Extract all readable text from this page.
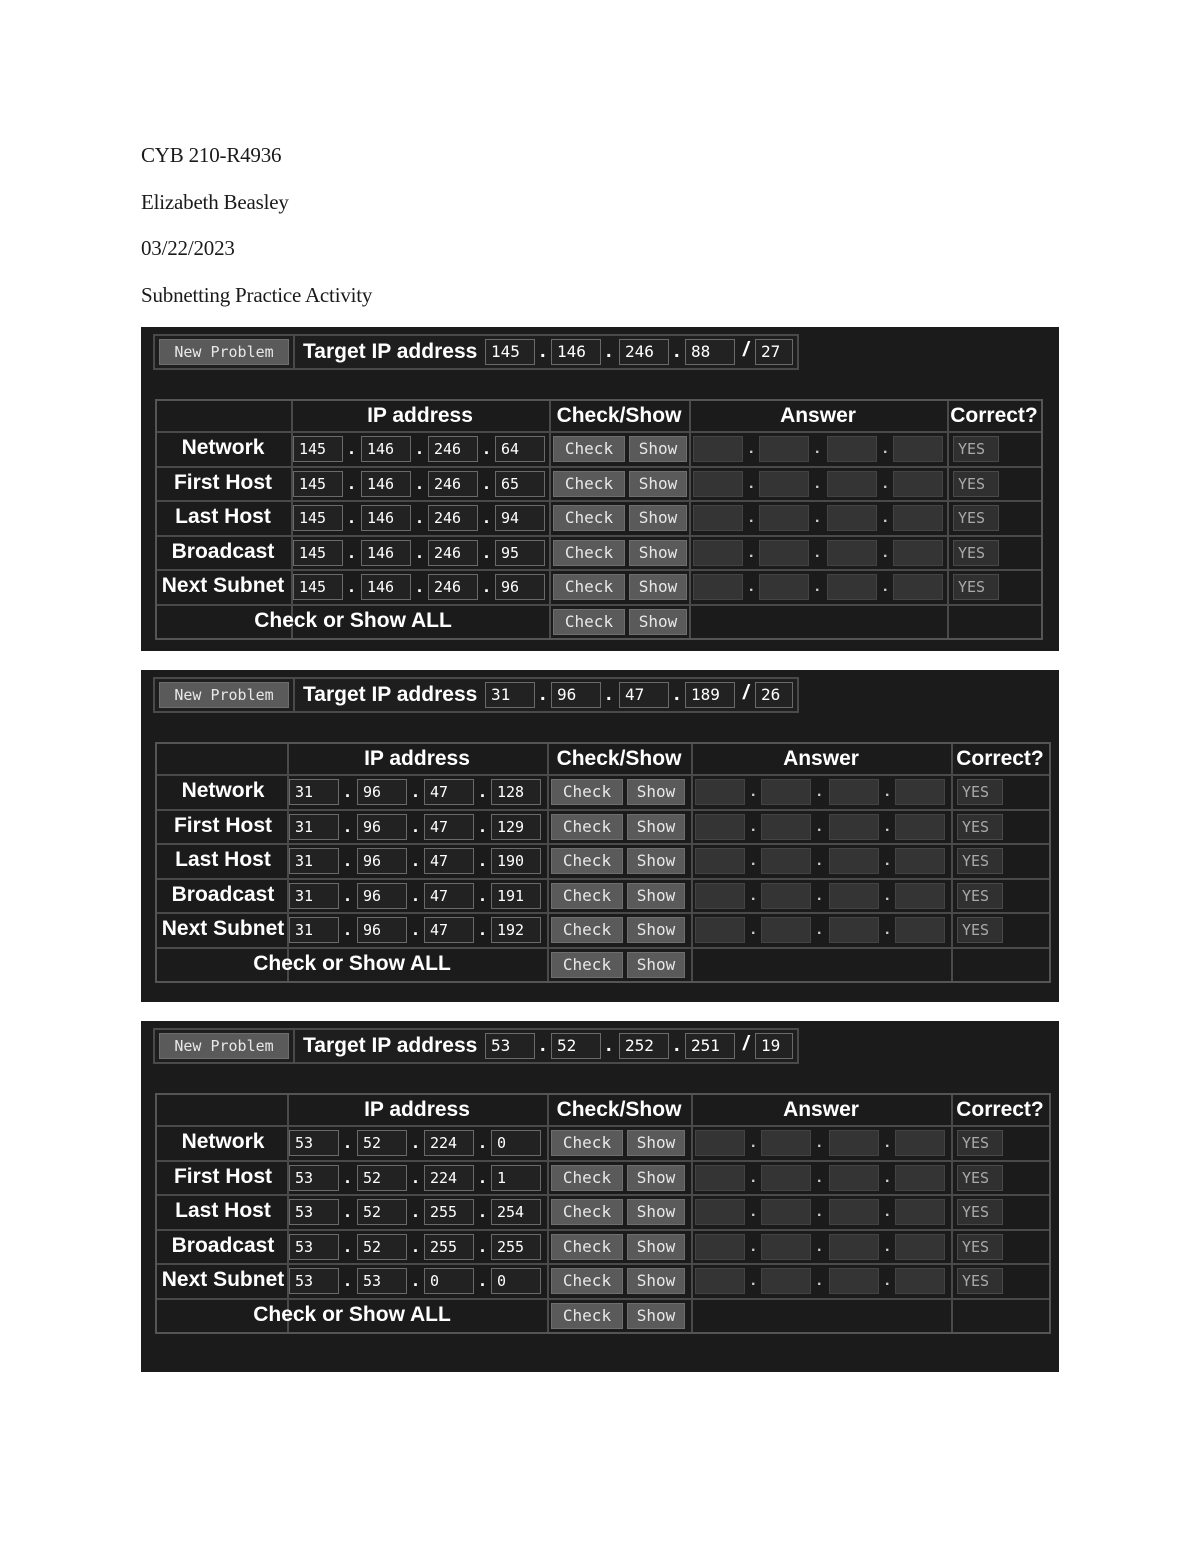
CYB 210-R4936
Elizabeth Beasley
03/22/2023
Subnetting Practice Activity
New Problem	Target IP address 145	. 146	. 246	. 88	/ 27
IP address	Check/Show	Answer	Correct?
Network	145	. 146	. 246	. 64	Check	Show	.	.	.	YES
First Host	145	. 146	. 246	. 65	Check	Show	.	.	.	YES
Last Host	145	. 146	. 246	. 94	Check	Show	.	.	.	YES
Broadcast	145	. 146	. 246	. 95	Check	Show	.	.	.	YES
Next Subnet 145	. 146	. 246	. 96	Check	Show	.	.	.	YES
Check or Show ALL	Check	Show
New Problem	Target IP address 31	. 96	. 47	. 189	/ 26
IP address	Check/Show	Answer	Correct?
Network	31	. 96	. 47	. 128	Check	Show	.	.	.	YES
First Host	31	. 96	. 47	. 129	Check	Show	.	.	.	YES
Last Host	31	. 96	. 47	. 190	Check	Show	.	.	.	YES
Broadcast	31	. 96	. 47	. 191	Check	Show	.	.	.	YES
Next Subnet 31	. 96	. 47	. 192	Check	Show	.	.	.	YES
Check or Show ALL	Check	Show
New Problem	Target IP address 53	. 52	. 252	. 251	/ 19
IP address	Check/Show	Answer	Correct?
Network	53	. 52	. 224	. 0	Check	Show	.	.	.	YES
First Host	53	. 52	. 224	. 1	Check	Show	.	.	.	YES
Last Host	53	. 52	. 255	. 254	Check	Show	.	.	.	YES
Broadcast	53	. 52	. 255	. 255	Check	Show	.	.	.	YES
Next Subnet 53	. 53	. 0	. 0	Check	Show	.	.	.	YES
Check or Show ALL	Check	Show
